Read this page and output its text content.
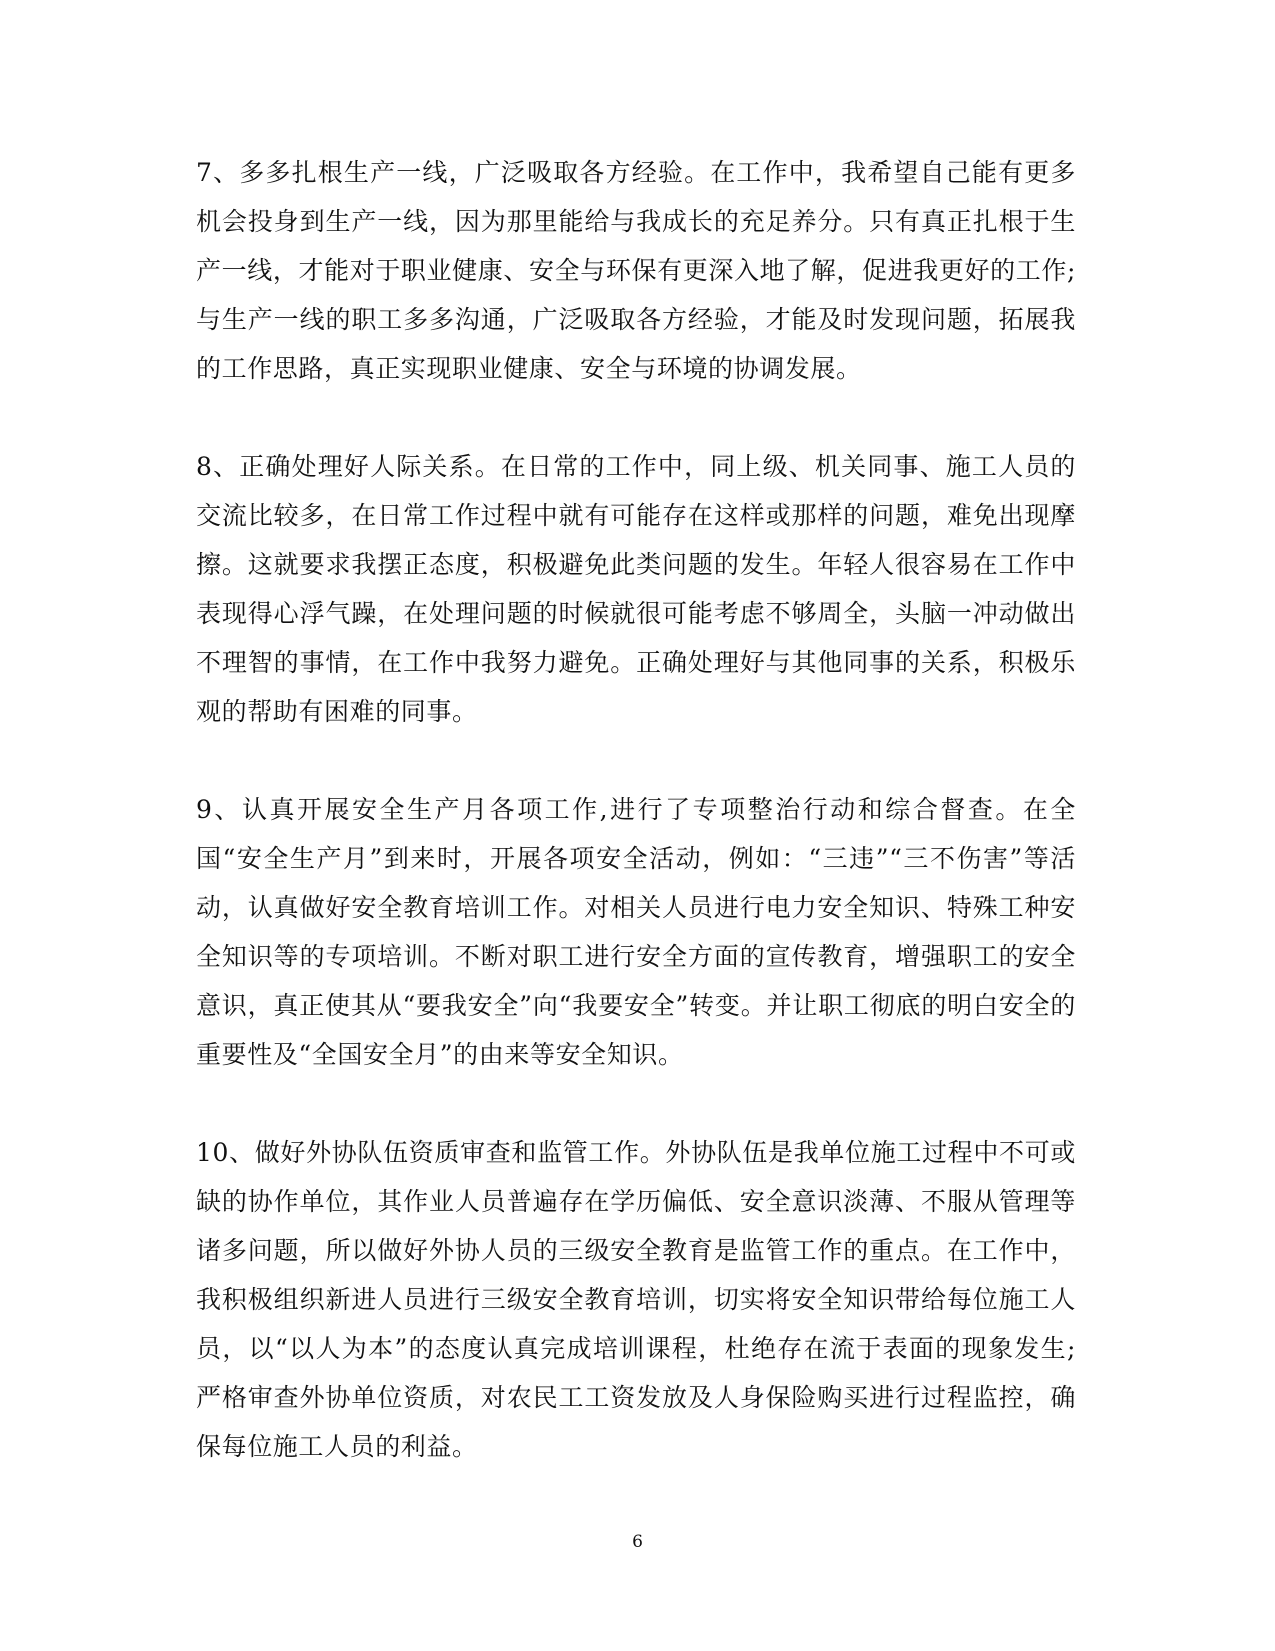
7、多多扎根生产一线，广泛吸取各方经验。在工作中，我希望自己能有更多机会投身到生产一线，因为那里能给与我成长的充足养分。只有真正扎根于生产一线，才能对于职业健康、安全与环保有更深入地了解，促进我更好的工作;与生产一线的职工多多沟通，广泛吸取各方经验，才能及时发现问题，拓展我的工作思路，真正实现职业健康、安全与环境的协调发展。

8、正确处理好人际关系。在日常的工作中，同上级、机关同事、施工人员的交流比较多，在日常工作过程中就有可能存在这样或那样的问题，难免出现摩擦。这就要求我摆正态度，积极避免此类问题的发生。年轻人很容易在工作中表现得心浮气躁，在处理问题的时候就很可能考虑不够周全，头脑一冲动做出不理智的事情，在工作中我努力避免。正确处理好与其他同事的关系，积极乐观的帮助有困难的同事。

9、认真开展安全生产月各项工作,进行了专项整治行动和综合督查。在全国“安全生产月”到来时，开展各项安全活动，例如：“三违”“三不伤害”等活动，认真做好安全教育培训工作。对相关人员进行电力安全知识、特殊工种安全知识等的专项培训。不断对职工进行安全方面的宣传教育，增强职工的安全意识，真正使其从“要我安全”向“我要安全”转变。并让职工彻底的明白安全的重要性及“全国安全月”的由来等安全知识。

10、做好外协队伍资质审查和监管工作。外协队伍是我单位施工过程中不可或缺的协作单位，其作业人员普遍存在学历偏低、安全意识淡薄、不服从管理等诸多问题，所以做好外协人员的三级安全教育是监管工作的重点。在工作中，我积极组织新进人员进行三级安全教育培训，切实将安全知识带给每位施工人员，以“以人为本”的态度认真完成培训课程，杜绝存在流于表面的现象发生;严格审查外协单位资质，对农民工工资发放及人身保险购买进行过程监控，确保每位施工人员的利益。

6
